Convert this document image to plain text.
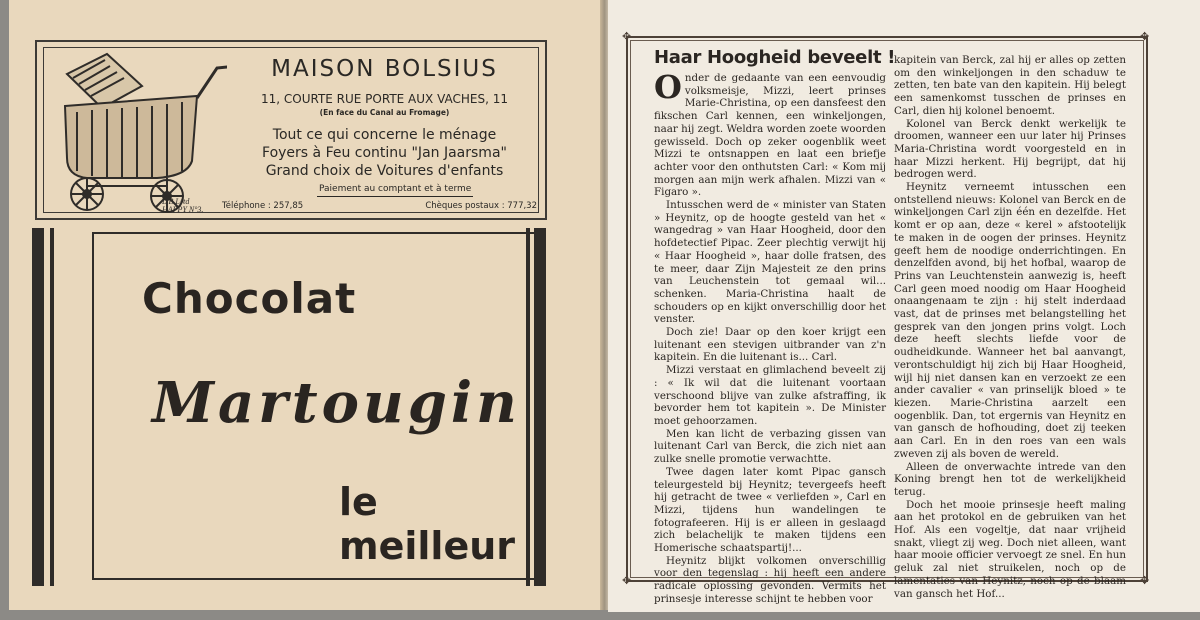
L.B.L^td
HAPPY N°3.
MAISON BOLSIUS
11, COURTE RUE PORTE AUX VACHES, 11
(En face du Canal au Fromage)
Tout ce qui concerne le ménage
Foyers à Feu continu "Jan Jaarsma"
Grand choix de Voitures d'enfants
Paiement au comptant et à terme
Téléphone : 257,85	Chèques postaux : 777,32
Chocolat
Martougin
le meilleur
✥	✥
✥	✥
Haar Hoogheid beveelt !

Onder de gedaante van een eenvoudig volksmeisje, Mizzi, leert prinses Marie-Christina, op een dansfeest den fikschen Carl kennen, een winkeljongen, naar hij zegt. Weldra worden zoete woorden gewisseld. Doch op zeker oogenblik weet Mizzi te ontsnappen en laat een briefje achter voor den onthutsten Carl: « Kom mij morgen aan mijn werk afhalen. Mizzi van « Figaro ».

Intusschen werd de « minister van Staten » Heynitz, op de hoogte gesteld van het « wangedrag » van Haar Hoogheid, door den hofdetectief Pipac. Zeer plechtig verwijt hij « Haar Hoogheid », haar dolle fratsen, des te meer, daar Zijn Majesteit ze den prins van Leuchenstein tot gemaal wil... schenken. Maria-Christina haalt de schouders op en kijkt onverschillig door het venster.

Doch zie! Daar op den koer krijgt een luitenant een stevigen uitbrander van z'n kapitein. En die luitenant is... Carl.

Mizzi verstaat en glimlachend beveelt zij : « Ik wil dat die luitenant voortaan verschoond blijve van zulke afstraffing, ik bevorder hem tot kapitein ». De Minister moet gehoorzamen.

Men kan licht de verbazing gissen van luitenant Carl van Berck, die zich niet aan zulke snelle promotie verwachtte.

Twee dagen later komt Pipac gansch teleurgesteld bij Heynitz; tevergeefs heeft hij getracht de twee « verliefden », Carl en Mizzi, tijdens hun wandelingen te fotografeeren. Hij is er alleen in geslaagd zich belachelijk te maken tijdens een Homerische schaatspartij!...

Heynitz blijkt volkomen onverschillig voor den tegenslag : hij heeft een andere radicale oplossing gevonden. Vermits het prinsesje interesse schijnt te hebben voor

kapitein van Berck, zal hij er alles op zetten om den winkeljongen in den schaduw te zetten, ten bate van den kapitein. Hij belegt een samenkomst tusschen de prinses en Carl, dien hij kolonel benoemt.

Kolonel van Berck denkt werkelijk te droomen, wanneer een uur later hij Prinses Maria-Christina wordt voorgesteld en in haar Mizzi herkent. Hij begrijpt, dat hij bedrogen werd.

Heynitz verneemt intusschen een ontstellend nieuws: Kolonel van Berck en de winkeljongen Carl zijn één en dezelfde. Het komt er op aan, deze « kerel » afstootelijk te maken in de oogen der prinses. Heynitz geeft hem de noodige onderrichtingen. En denzelfden avond, bij het hofbal, waarop de Prins van Leuchtenstein aanwezig is, heeft Carl geen moed noodig om Haar Hoogheid onaangenaam te zijn : hij stelt inderdaad vast, dat de prinses met belangstelling het gesprek van den jongen prins volgt. Loch deze heeft slechts liefde voor de oudheidkunde. Wanneer het bal aanvangt, verontschuldigt hij zich bij Haar Hoogheid, wijl hij niet dansen kan en verzoekt ze een ander cavalier « van prinselijk bloed » te kiezen. Marie-Christina aarzelt een oogenblik. Dan, tot ergernis van Heynitz en van gansch de hofhouding, doet zij teeken aan Carl. En in den roes van een wals zweven zij als boven de wereld.

Alleen de onverwachte intrede van den Koning brengt hen tot de werkelijkheid terug.

Doch het mooie prinsesje heeft maling aan het protokol en de gebruiken van het Hof. Als een vogeltje, dat naar vrijheid snakt, vliegt zij weg. Doch niet alleen, want haar mooie officier vervoegt ze snel. En hun geluk zal niet struikelen, noch op de lamentaties van Heynitz, noch op de blaam van gansch het Hof...
